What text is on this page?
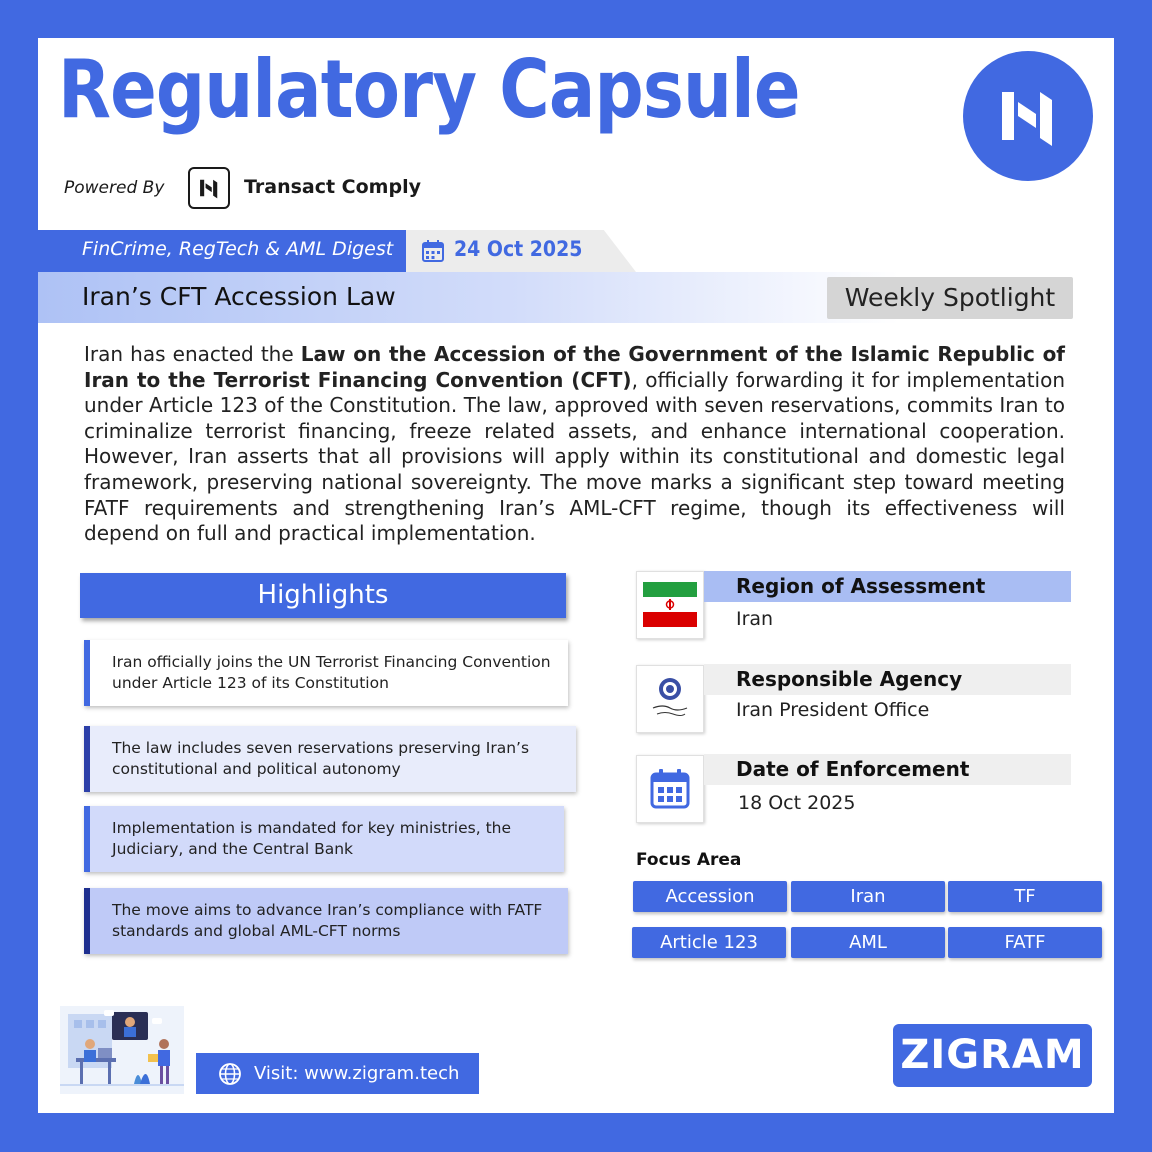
Regulatory Capsule
Powered By	Transact Comply
FinCrime, RegTech & AML Digest	24 Oct 2025
Iran’s CFT Accession Law	Weekly Spotlight

Iran has enacted the Law on the Accession of the Government of the Islamic Republic of Iran to the Terrorist Financing Convention (CFT), officially forwarding it for implementation under Article 123 of the Constitution. The law, approved with seven reservations, commits Iran to criminalize terrorist financing, freeze related assets, and enhance international cooperation. However, Iran asserts that all provisions will apply within its constitutional and domestic legal framework, preserving national sovereignty. The move marks a significant step toward meeting FATF requirements and strengthening Iran’s AML-CFT regime, though its effectiveness will depend on full and practical implementation.

Highlights
Iran officially joins the UN Terrorist Financing Convention under Article 123 of its Constitution
The law includes seven reservations preserving Iran’s constitutional and political autonomy
Implementation is mandated for key ministries, the Judiciary, and the Central Bank
The move aims to advance Iran’s compliance with FATF standards and global AML-CFT norms
Region of Assessment
Iran
Responsible Agency
Iran President Office
Date of Enforcement
18 Oct 2025
Focus Area
Accession	Iran	TF
Article 123	AML	FATF
Visit: www.zigram.tech	ZIGRAM
